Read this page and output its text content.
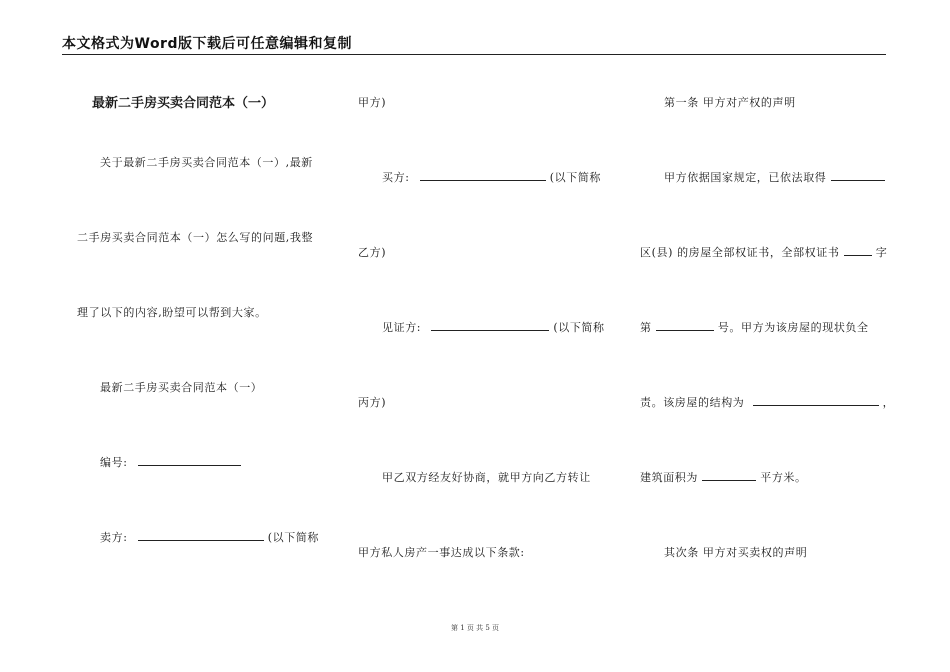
本文格式为Word版下载后可任意编辑和复制
最新二手房买卖合同范本（一）
关于最新二手房买卖合同范本（一）,最新
二手房买卖合同范本（一）怎么写的问题,我整
理了以下的内容,盼望可以帮到大家。
最新二手房买卖合同范本（一）
编号:
卖方:	(以下简称
甲方)
买方:	(以下简称
乙方)
见证方:	(以下简称
丙方)
甲乙双方经友好协商，就甲方向乙方转让
甲方私人房产一事达成以下条款:
第一条 甲方对产权的声明
甲方依据国家规定，已依法取得
区(县) 的房屋全部权证书，全部权证书	字
第	号。甲方为该房屋的现状负全
责。该房屋的结构为	，
建筑面积为	平方米。
其次条 甲方对买卖权的声明
第 1 页 共 5 页
